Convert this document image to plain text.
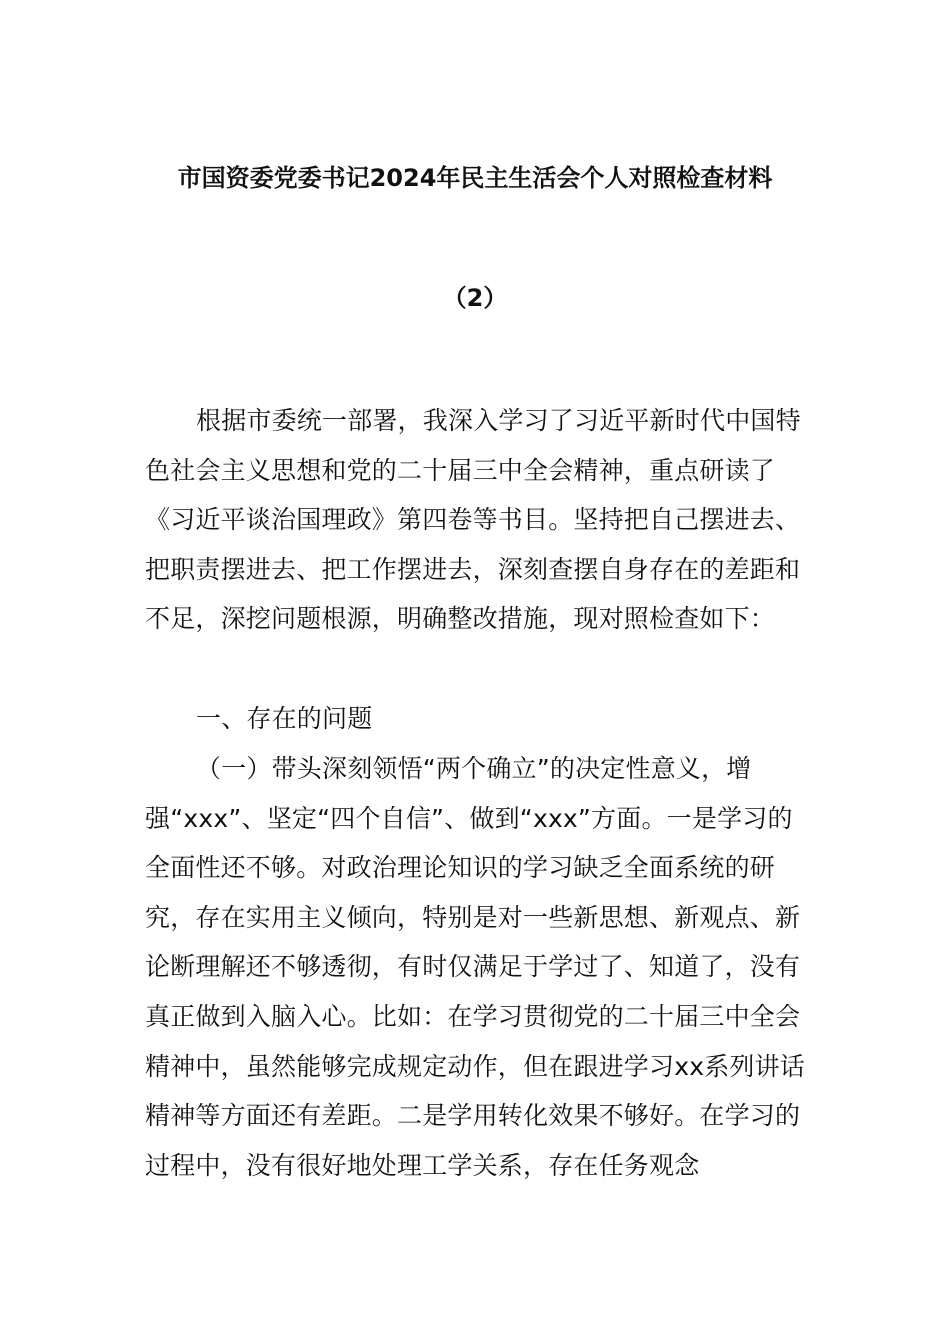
市国资委党委书记2024年民主生活会个人对照检查材料
（2）

根据市委统一部署，我深入学习了习近平新时代中国特色社会主义思想和党的二十届三中全会精神，重点研读了《习近平谈治国理政》第四卷等书目。坚持把自己摆进去、把职责摆进去、把工作摆进去，深刻查摆自身存在的差距和不足，深挖问题根源，明确整改措施，现对照检查如下：

一、存在的问题

（一）带头深刻领悟“两个确立”的决定性意义，增强“xxx”、坚定“四个自信”、做到“xxx”方面。一是学习的全面性还不够。对政治理论知识的学习缺乏全面系统的研究，存在实用主义倾向，特别是对一些新思想、新观点、新论断理解还不够透彻，有时仅满足于学过了、知道了，没有真正做到入脑入心。比如：在学习贯彻党的二十届三中全会精神中，虽然能够完成规定动作，但在跟进学习xx系列讲话精神等方面还有差距。二是学用转化效果不够好。在学习的过程中，没有很好地处理工学关系，存在任务观念
